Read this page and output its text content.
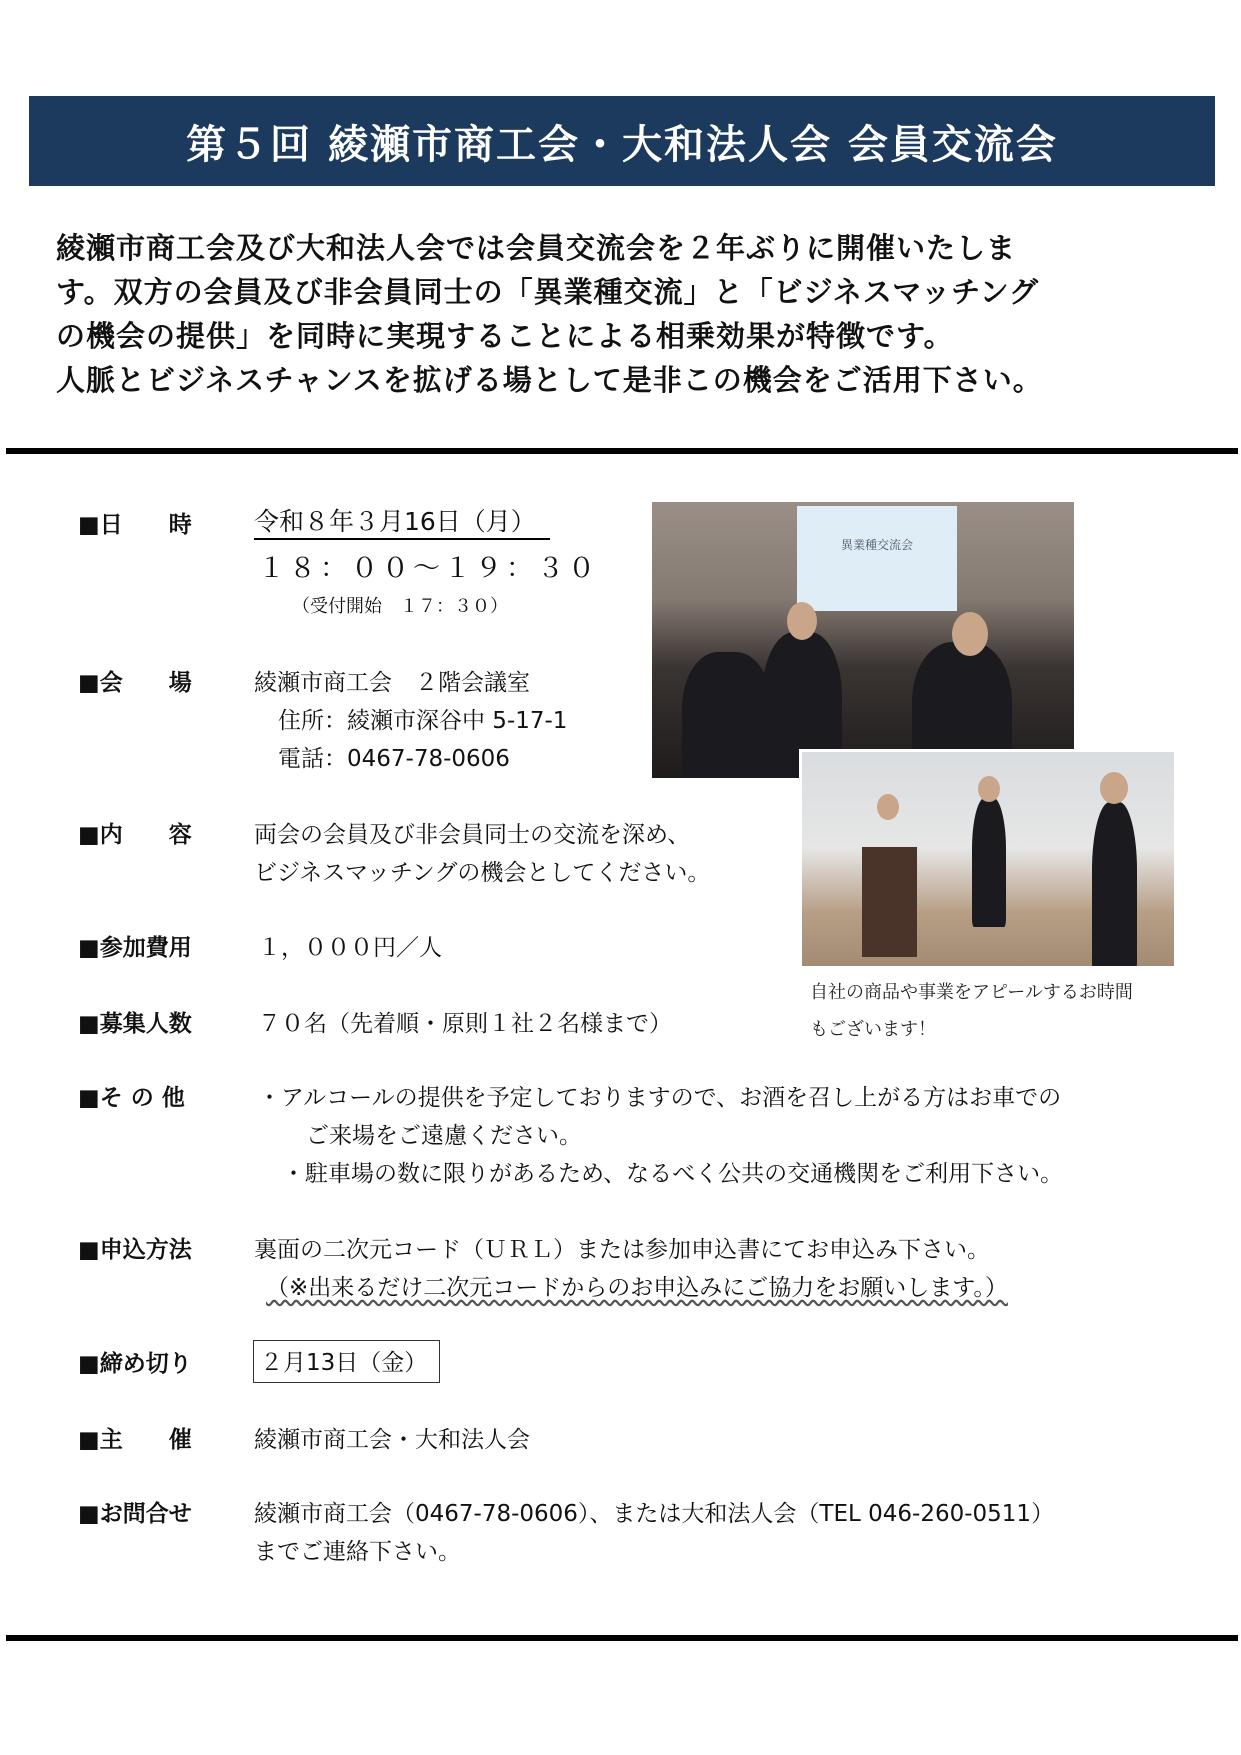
第５回 綾瀬市商工会・大和法人会 会員交流会
綾瀬市商工会及び大和法人会では会員交流会を２年ぶりに開催いたしま
す。双方の会員及び非会員同士の「異業種交流」と「ビジネスマッチング
の機会の提供」を同時に実現することによる相乗効果が特徴です。
人脈とビジネスチャンスを拡げる場として是非この機会をご活用下さい。
■日　　時 令和８年３月16日（月）
１８：００〜１９：３０
（受付開始　１７：３０）
■会　　場	綾瀬市商工会　２階会議室
住所：綾瀬市深谷中 5-17-1
電話：0467-78-0606
■内　　容	両会の会員及び非会員同士の交流を深め、
ビジネスマッチングの機会としてください。
■参加費用	１，０００円／人
■募集人数	７０名（先着順・原則１社２名様まで）
■そ の 他	・アルコールの提供を予定しておりますので、お酒を召し上がる方はお車での
ご来場をご遠慮ください。
・駐車場の数に限りがあるため、なるべく公共の交通機関をご利用下さい。
■申込方法	裏面の二次元コード（ＵＲＬ）または参加申込書にてお申込み下さい。
（※出来るだけ二次元コードからのお申込みにご協力をお願いします。）
■締め切り	２月13日（金）
■主　　催	綾瀬市商工会・大和法人会
■お問合せ	綾瀬市商工会（0467-78-0606）、または大和法人会（TEL 046-260-0511）
までご連絡下さい。
異業種交流会
自社の商品や事業をアピールするお時間
もございます！
